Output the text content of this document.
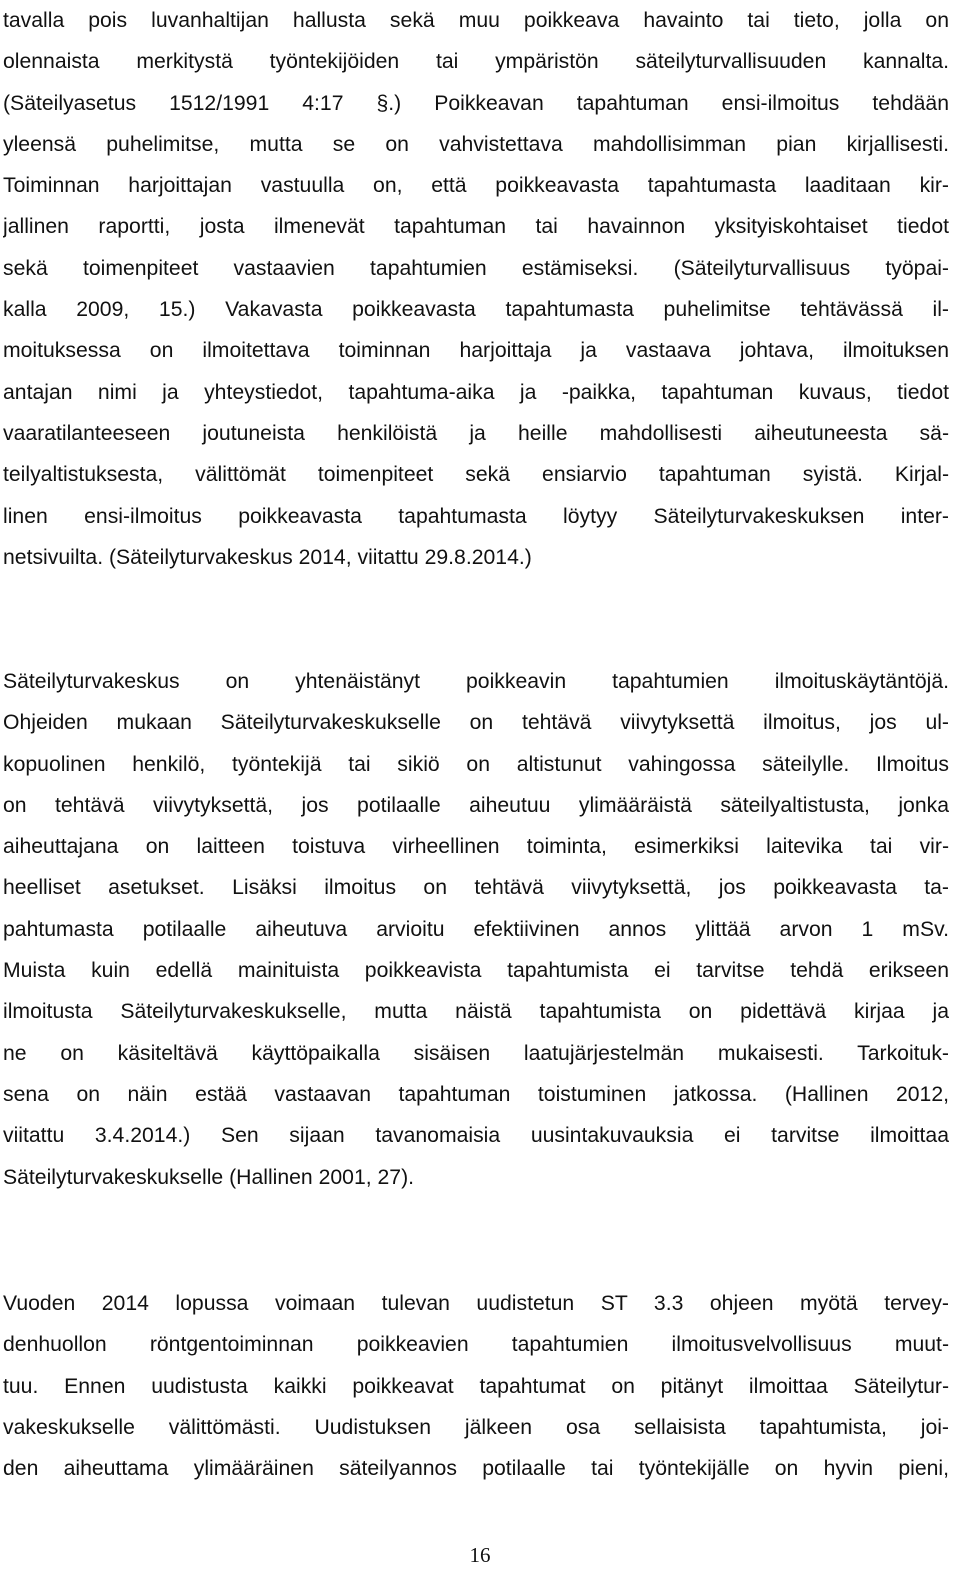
tavalla pois luvanhaltijan hallusta sekä muu poikkeava havainto tai tieto, jolla on
olennaista merkitystä työntekijöiden tai ympäristön säteilyturvallisuuden kannalta.
(Säteilyasetus 1512/1991 4:17 §.) Poikkeavan tapahtuman ensi-ilmoitus tehdään
yleensä puhelimitse, mutta se on vahvistettava mahdollisimman pian kirjallisesti.
Toiminnan harjoittajan vastuulla on, että poikkeavasta tapahtumasta laaditaan kir-
jallinen raportti, josta ilmenevät tapahtuman tai havainnon yksityiskohtaiset tiedot
sekä toimenpiteet vastaavien tapahtumien estämiseksi. (Säteilyturvallisuus työpai-
kalla 2009, 15.) Vakavasta poikkeavasta tapahtumasta puhelimitse tehtävässä il-
moituksessa on ilmoitettava toiminnan harjoittaja ja vastaava johtava, ilmoituksen
antajan nimi ja yhteystiedot, tapahtuma-aika ja -paikka, tapahtuman kuvaus, tiedot
vaaratilanteeseen joutuneista henkilöistä ja heille mahdollisesti aiheutuneesta sä-
teilyaltistuksesta, välittömät toimenpiteet sekä ensiarvio tapahtuman syistä. Kirjal-
linen ensi-ilmoitus poikkeavasta tapahtumasta löytyy Säteilyturvakeskuksen inter-
netsivuilta. (Säteilyturvakeskus 2014, viitattu 29.8.2014.)
Säteilyturvakeskus on yhtenäistänyt poikkeavin tapahtumien ilmoituskäytäntöjä.
Ohjeiden mukaan Säteilyturvakeskukselle on tehtävä viivytyksettä ilmoitus, jos ul-
kopuolinen henkilö, työntekijä tai sikiö on altistunut vahingossa säteilylle. Ilmoitus
on tehtävä viivytyksettä, jos potilaalle aiheutuu ylimääräistä säteilyaltistusta, jonka
aiheuttajana on laitteen toistuva virheellinen toiminta, esimerkiksi laitevika tai vir-
heelliset asetukset. Lisäksi ilmoitus on tehtävä viivytyksettä, jos poikkeavasta ta-
pahtumasta potilaalle aiheutuva arvioitu efektiivinen annos ylittää arvon 1 mSv.
Muista kuin edellä mainituista poikkeavista tapahtumista ei tarvitse tehdä erikseen
ilmoitusta Säteilyturvakeskukselle, mutta näistä tapahtumista on pidettävä kirjaa ja
ne on käsiteltävä käyttöpaikalla sisäisen laatujärjestelmän mukaisesti. Tarkoituk-
sena on näin estää vastaavan tapahtuman toistuminen jatkossa. (Hallinen 2012,
viitattu 3.4.2014.) Sen sijaan tavanomaisia uusintakuvauksia ei tarvitse ilmoittaa
Säteilyturvakeskukselle (Hallinen 2001, 27).
Vuoden 2014 lopussa voimaan tulevan uudistetun ST 3.3 ohjeen myötä tervey-
denhuollon röntgentoiminnan poikkeavien tapahtumien ilmoitusvelvollisuus muut-
tuu. Ennen uudistusta kaikki poikkeavat tapahtumat on pitänyt ilmoittaa Säteilytur-
vakeskukselle välittömästi. Uudistuksen jälkeen osa sellaisista tapahtumista, joi-
den aiheuttama ylimääräinen säteilyannos potilaalle tai työntekijälle on hyvin pieni,
16
